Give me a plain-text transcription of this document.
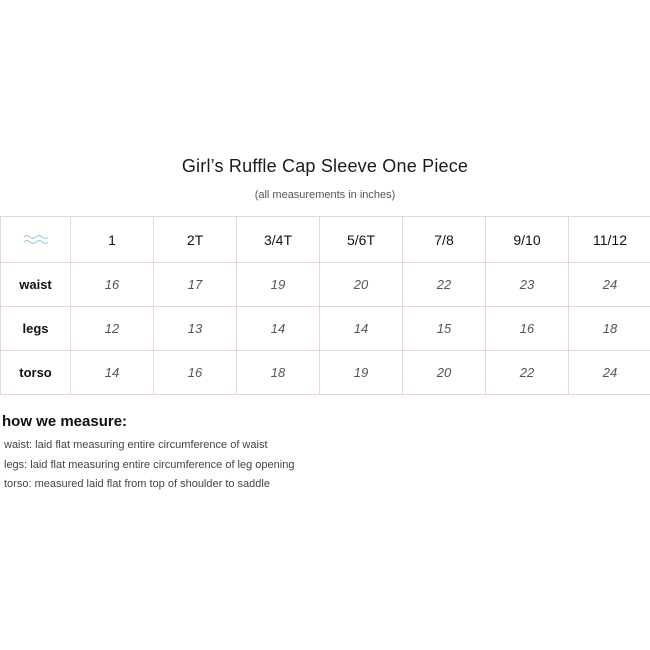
Girl’s Ruffle Cap Sleeve One Piece
(all measurements in inches)
	1	2T	3/4T	5/6T	7/8	9/10	11/12
waist	16	17	19	20	22	23	24
legs	12	13	14	14	15	16	18
torso	14	16	18	19	20	22	24
how we measure:
waist: laid flat measuring entire circumference of waist
legs: laid flat measuring entire circumference of leg opening
torso: measured laid flat from top of shoulder to saddle
